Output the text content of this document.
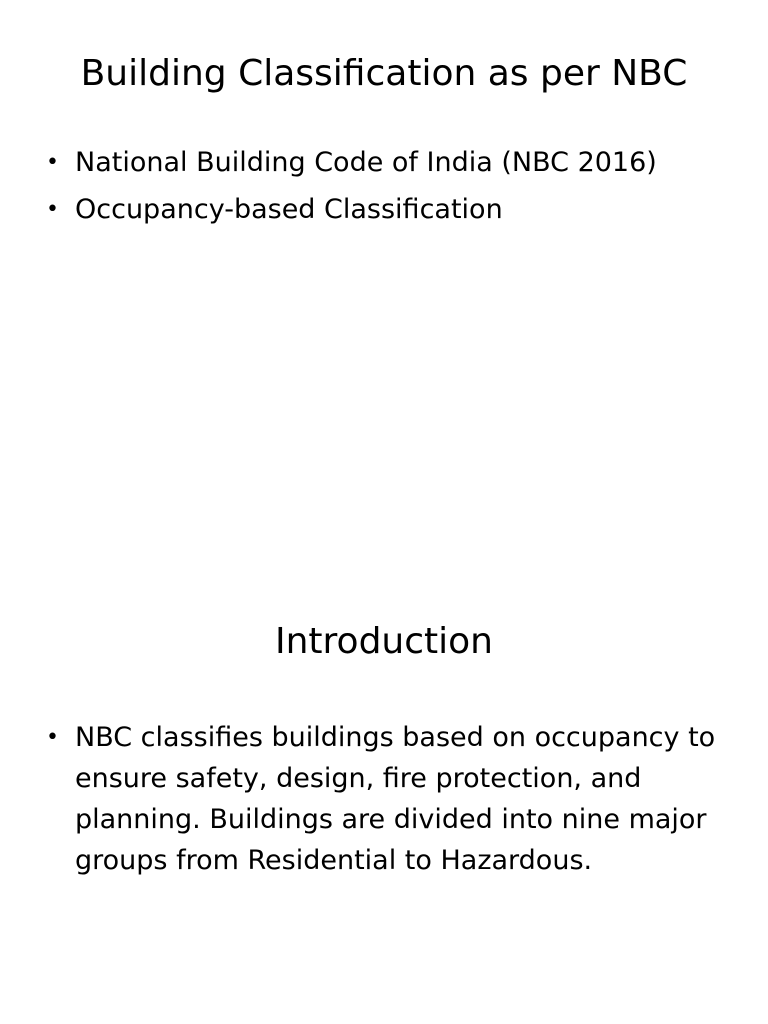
Building Classification as per NBC
• National Building Code of India (NBC 2016)
• Occupancy-based Classification
Introduction
• NBC classifies buildings based on occupancy to ensure safety, design, fire protection, and planning. Buildings are divided into nine major groups from Residential to Hazardous.
